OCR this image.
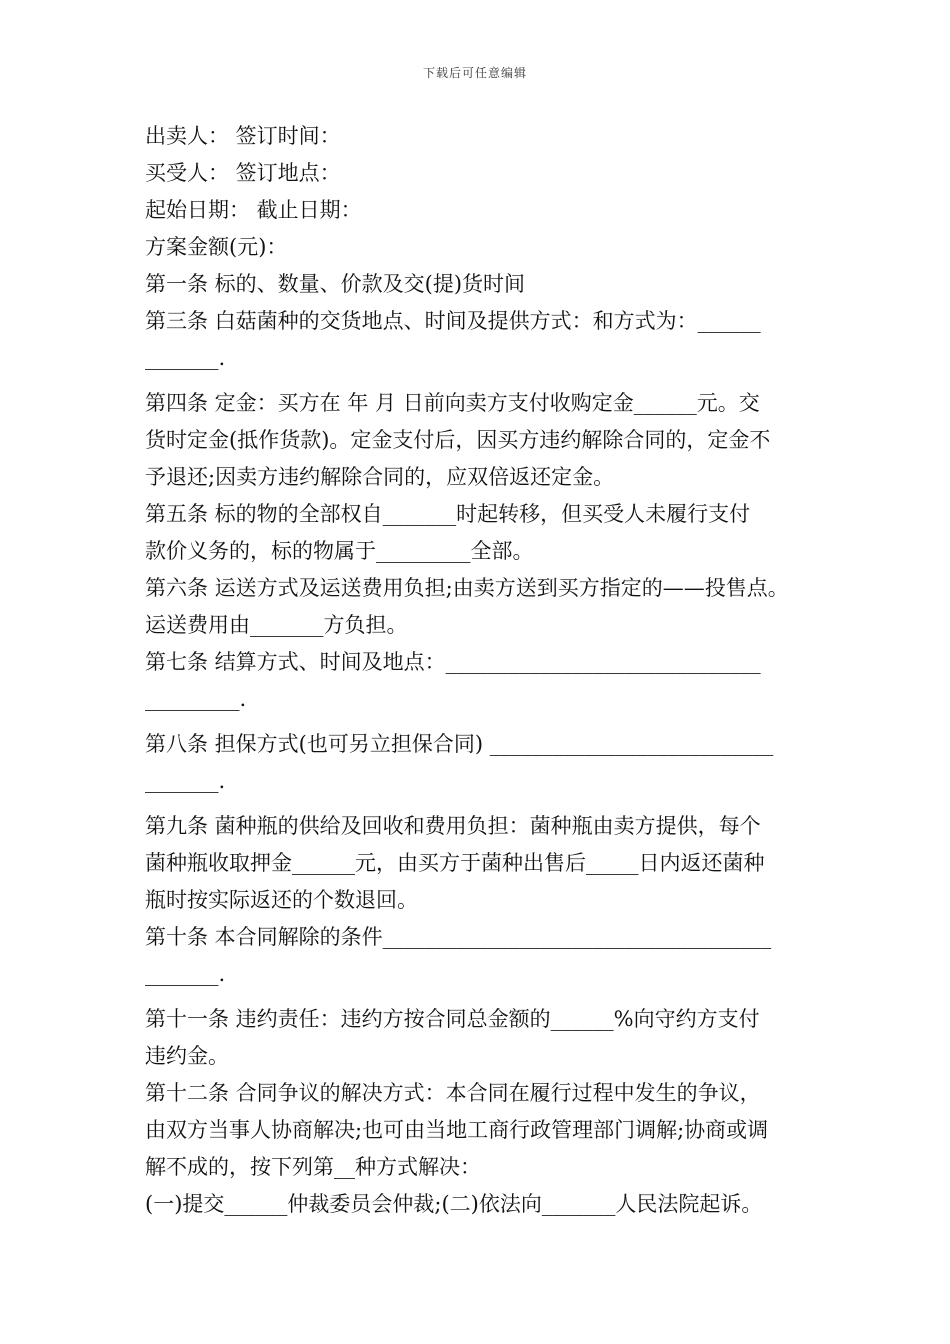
下载后可任意编辑
出卖人： 签订时间：
买受人： 签订地点：
起始日期： 截止日期：
方案金额(元)：
第一条 标的、数量、价款及交(提)货时间
第三条 白菇菌种的交货地点、时间及提供方式：和方式为：______
_______.
第四条 定金：买方在 年 月 日前向卖方支付收购定金______元。交
货时定金(抵作货款)。定金支付后，因买方违约解除合同的，定金不
予退还;因卖方违约解除合同的，应双倍返还定金。
第五条 标的物的全部权自_______时起转移，但买受人未履行支付
款价义务的，标的物属于_________全部。
第六条 运送方式及运送费用负担;由卖方送到买方指定的——投售点。
运送费用由_______方负担。
第七条 结算方式、时间及地点：______________________________
_________.
第八条 担保方式(也可另立担保合同) ___________________________
_______.
第九条 菌种瓶的供给及回收和费用负担：菌种瓶由卖方提供，每个
菌种瓶收取押金______元，由买方于菌种出售后_____日内返还菌种
瓶时按实际返还的个数退回。
第十条 本合同解除的条件_____________________________________
_______.
第十一条 违约责任：违约方按合同总金额的______%向守约方支付
违约金。
第十二条 合同争议的解决方式：本合同在履行过程中发生的争议，
由双方当事人协商解决;也可由当地工商行政管理部门调解;协商或调
解不成的，按下列第__种方式解决：
(一)提交______仲裁委员会仲裁;(二)依法向_______人民法院起诉。
